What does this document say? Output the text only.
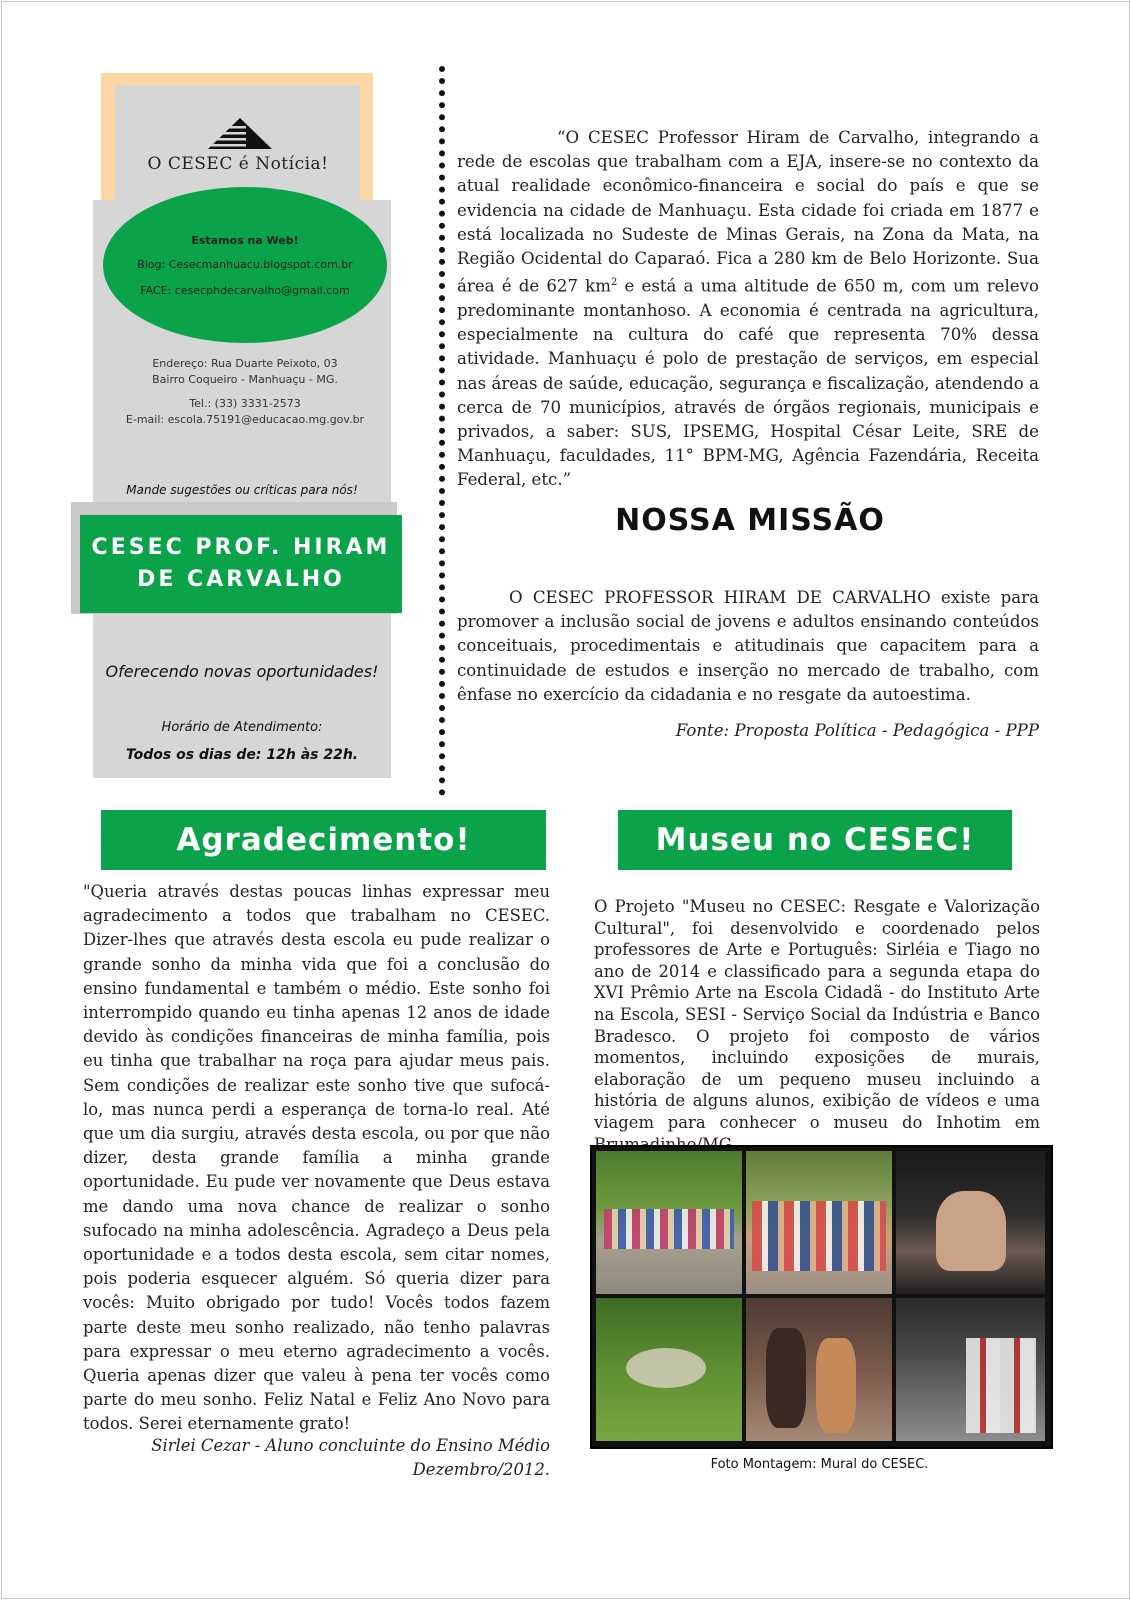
O CESEC é Notícia!
Estamos na Web!
Blog: Cesecmanhuacu.blogspot.com.br
FACE: cesecphdecarvalho@gmail.com
Endereço: Rua Duarte Peixoto, 03
Bairro Coqueiro - Manhuaçu - MG.
Tel.: (33) 3331-2573
E-mail: escola.75191@educacao.mg.gov.br
Mande sugestões ou críticas para nós!
CESEC PROF. HIRAM
DE CARVALHO
Oferecendo novas oportunidades!
Horário de Atendimento:
Todos os dias de: 12h às 22h.

“O CESEC Professor Hiram de Carvalho, integrando a rede de escolas que trabalham com a EJA, insere-se no contexto da atual realidade econômico-financeira e social do país e que se evidencia na cidade de Manhuaçu. Esta cidade foi criada em 1877 e está localizada no Sudeste de Minas Gerais, na Zona da Mata, na Região Ocidental do Caparaó. Fica a 280 km de Belo Horizonte. Sua área é de 627 $km^2$ e está a uma altitude de 650 m, com um relevo predominante montanhoso. A economia é centrada na agricultura, especialmente na cultura do café que representa 70% dessa atividade. Manhuaçu é polo de prestação de serviços, em especial nas áreas de saúde, educação, segurança e fiscalização, atendendo a cerca de 70 municípios, através de órgãos regionais, municipais e privados, a saber: SUS, IPSEMG, Hospital César Leite, SRE de Manhuaçu, faculdades, 11° BPM-MG, Agência Fazendária, Receita Federal, etc.”

NOSSA MISSÃO

O CESEC PROFESSOR HIRAM DE CARVALHO existe para promover a inclusão social de jovens e adultos ensinando conteúdos conceituais, procedimentais e atitudinais que capacitem para a continuidade de estudos e inserção no mercado de trabalho, com ênfase no exercício da cidadania e no resgate da autoestima.

Fonte: Proposta Política - Pedagógica - PPP
Agradecimento!	Museu no CESEC!

"Queria através destas poucas linhas expressar meu agradecimento a todos que trabalham no CESEC. Dizer-lhes que através desta escola eu pude realizar o grande sonho da minha vida que foi a conclusão do ensino fundamental e também o médio. Este sonho foi interrompido quando eu tinha apenas 12 anos de idade devido às condições financeiras de minha família, pois eu tinha que trabalhar na roça para ajudar meus pais. Sem condições de realizar este sonho tive que sufocá-lo, mas nunca perdi a esperança de torna-lo real. Até que um dia surgiu, através desta escola, ou por que não dizer, desta grande família a minha grande oportunidade. Eu pude ver novamente que Deus estava me dando uma nova chance de realizar o sonho sufocado na minha adolescência. Agradeço a Deus pela oportunidade e a todos desta escola, sem citar nomes, pois poderia esquecer alguém. Só queria dizer para vocês: Muito obrigado por tudo! Vocês todos fazem parte deste meu sonho realizado, não tenho palavras para expressar o meu eterno agradecimento a vocês. Queria apenas dizer que valeu à pena ter vocês como parte do meu sonho. Feliz Natal e Feliz Ano Novo para todos. Serei eternamente grato!

Sirlei Cezar - Aluno concluinte do Ensino Médio
Dezembro/2012.

O Projeto "Museu no CESEC: Resgate e Valorização Cultural", foi desenvolvido e coordenado pelos professores de Arte e Português: Sirléia e Tiago no ano de 2014 e classificado para a segunda etapa do XVI Prêmio Arte na Escola Cidadã - do Instituto Arte na Escola, SESI - Serviço Social da Indústria e Banco Bradesco. O projeto foi composto de vários momentos, incluindo exposições de murais, elaboração de um pequeno museu incluindo a história de alguns alunos, exibição de vídeos e uma viagem para conhecer o museu do Inhotim em

Foto Montagem: Mural do CESEC.
